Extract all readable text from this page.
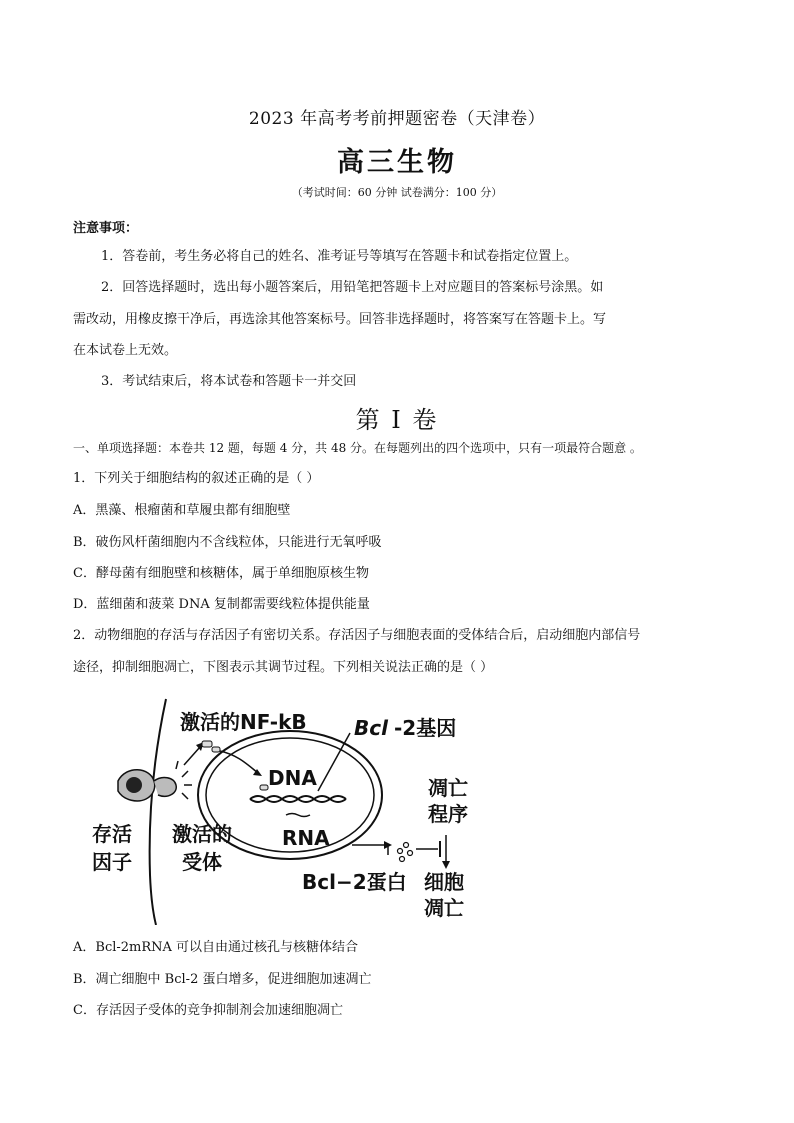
2023 年高考考前押题密卷（天津卷）
高三生物
（考试时间：60 分钟 试卷满分：100 分）
注意事项：
1．答卷前，考生务必将自己的姓名、准考证号等填写在答题卡和试卷指定位置上。
2．回答选择题时，选出每小题答案后，用铅笔把答题卡上对应题目的答案标号涂黑。如
需改动，用橡皮擦干净后，再选涂其他答案标号。回答非选择题时，将答案写在答题卡上。写
在本试卷上无效。
3．考试结束后，将本试卷和答题卡一并交回
第 I 卷
一、单项选择题：本卷共 12 题，每题 4 分，共 48 分。在每题列出的四个选项中，只有一项最符合题意 。
1．下列关于细胞结构的叙述正确的是（ ）
A．黑藻、根瘤菌和草履虫都有细胞壁
B．破伤风杆菌细胞内不含线粒体，只能进行无氧呼吸
C．酵母菌有细胞壁和核糖体，属于单细胞原核生物
D．蓝细菌和菠菜 DNA 复制都需要线粒体提供能量
2．动物细胞的存活与存活因子有密切关系。存活因子与细胞表面的受体结合后，启动细胞内部信号
途径，抑制细胞凋亡，下图表示其调节过程。下列相关说法正确的是（ ）
激活的NF-kB Bcl -2基因
DNA
RNA
凋亡
程序
存活
因子
激活的
受体
Bcl−2蛋白 细胞
凋亡
A．Bcl-2mRNA 可以自由通过核孔与核糖体结合
B．凋亡细胞中 Bcl-2 蛋白增多，促进细胞加速凋亡
C．存活因子受体的竞争抑制剂会加速细胞凋亡
